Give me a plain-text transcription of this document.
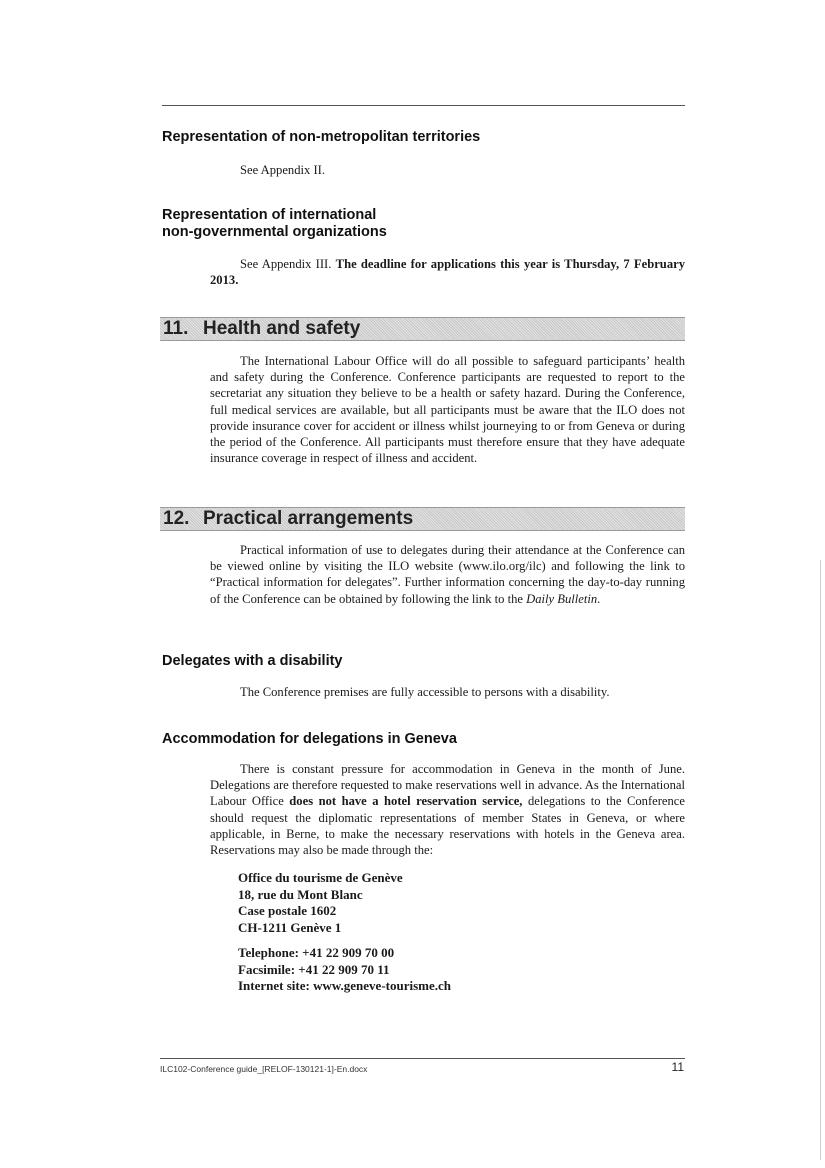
Representation of non-metropolitan territories

See Appendix II.

Representation of international
non-governmental organizations

See Appendix III. The deadline for applications this year is Thursday, 7 February 2013.

11. Health and safety

The International Labour Office will do all possible to safeguard participants’ health and safety during the Conference. Conference participants are requested to report to the secretariat any situation they believe to be a health or safety hazard. During the Conference, full medical services are available, but all participants must be aware that the ILO does not provide insurance cover for accident or illness whilst journeying to or from Geneva or during the period of the Conference. All participants must therefore ensure that they have adequate insurance coverage in respect of illness and accident.

12. Practical arrangements

Practical information of use to delegates during their attendance at the Conference can be viewed online by visiting the ILO website (www.ilo.org/ilc) and following the link to “Practical information for delegates”. Further information concerning the day-to-day running of the Conference can be obtained by following the link to the Daily Bulletin.

Delegates with a disability

The Conference premises are fully accessible to persons with a disability.

Accommodation for delegations in Geneva

There is constant pressure for accommodation in Geneva in the month of June. Delegations are therefore requested to make reservations well in advance. As the International Labour Office does not have a hotel reservation service, delegations to the Conference should request the diplomatic representations of member States in Geneva, or where applicable, in Berne, to make the necessary reservations with hotels in the Geneva area. Reservations may also be made through the:

Office du tourisme de Genève
18, rue du Mont Blanc
Case postale 1602
CH-1211 Genève 1
Telephone: +41 22 909 70 00
Facsimile: +41 22 909 70 11
Internet site: www.geneve-tourisme.ch
ILC102-Conference guide_[RELOF-130121-1]-En.docx	11
